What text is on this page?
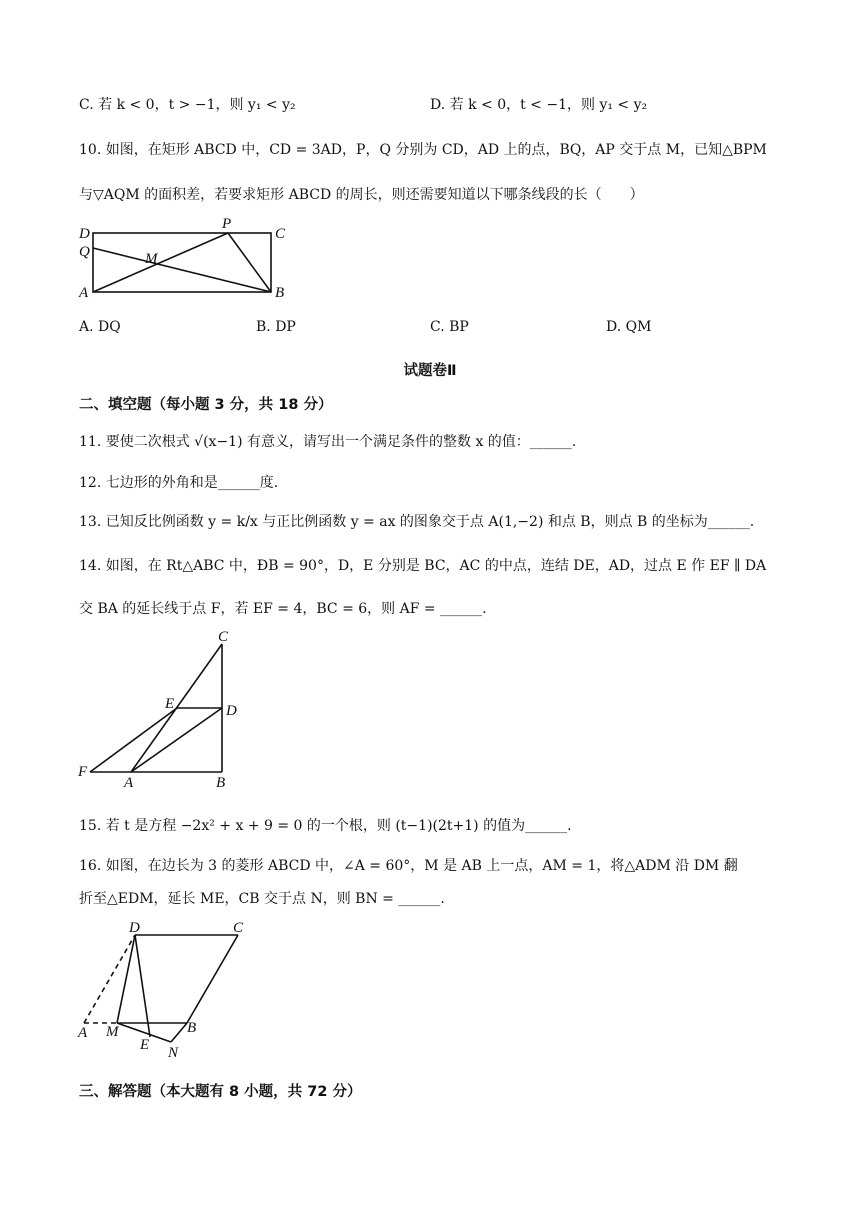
C. 若 k < 0，t > −1，则 y₁ < y₂	D. 若 k < 0，t < −1，则 y₁ < y₂
10. 如图，在矩形 ABCD 中，CD = 3AD，P，Q 分别为 CD，AD 上的点，BQ，AP 交于点 M，已知△BPM
与▽AQM 的面积差，若要求矩形 ABCD 的周长，则还需要知道以下哪条线段的长（　　）
D	C
Q	M
A	B
P
A. DQ	B. DP	C. BP	D. QM
试题卷Ⅱ
二、填空题（每小题 3 分，共 18 分）
11. 要使二次根式 √(x−1) 有意义，请写出一个满足条件的整数 x 的值：______.
12. 七边形的外角和是______度.
13. 已知反比例函数 y = k/x 与正比例函数 y = ax 的图象交于点 A(1,−2) 和点 B，则点 B 的坐标为______.
14. 如图，在 Rt△ABC 中，ÐB = 90°，D，E 分别是 BC，AC 的中点，连结 DE，AD，过点 E 作 EF ∥ DA
交 BA 的延长线于点 F，若 EF = 4，BC = 6，则 AF = ______.
C
E	D
F
A	B
15. 若 t 是方程 −2x² + x + 9 = 0 的一个根，则 (t−1)(2t+1) 的值为______.
16. 如图，在边长为 3 的菱形 ABCD 中，∠A = 60°，M 是 AB 上一点，AM = 1，将△ADM 沿 DM 翻
折至△EDM，延长 ME，CB 交于点 N，则 BN = ______.
D	C
A M
E
B
N
三、解答题（本大题有 8 小题，共 72 分）
